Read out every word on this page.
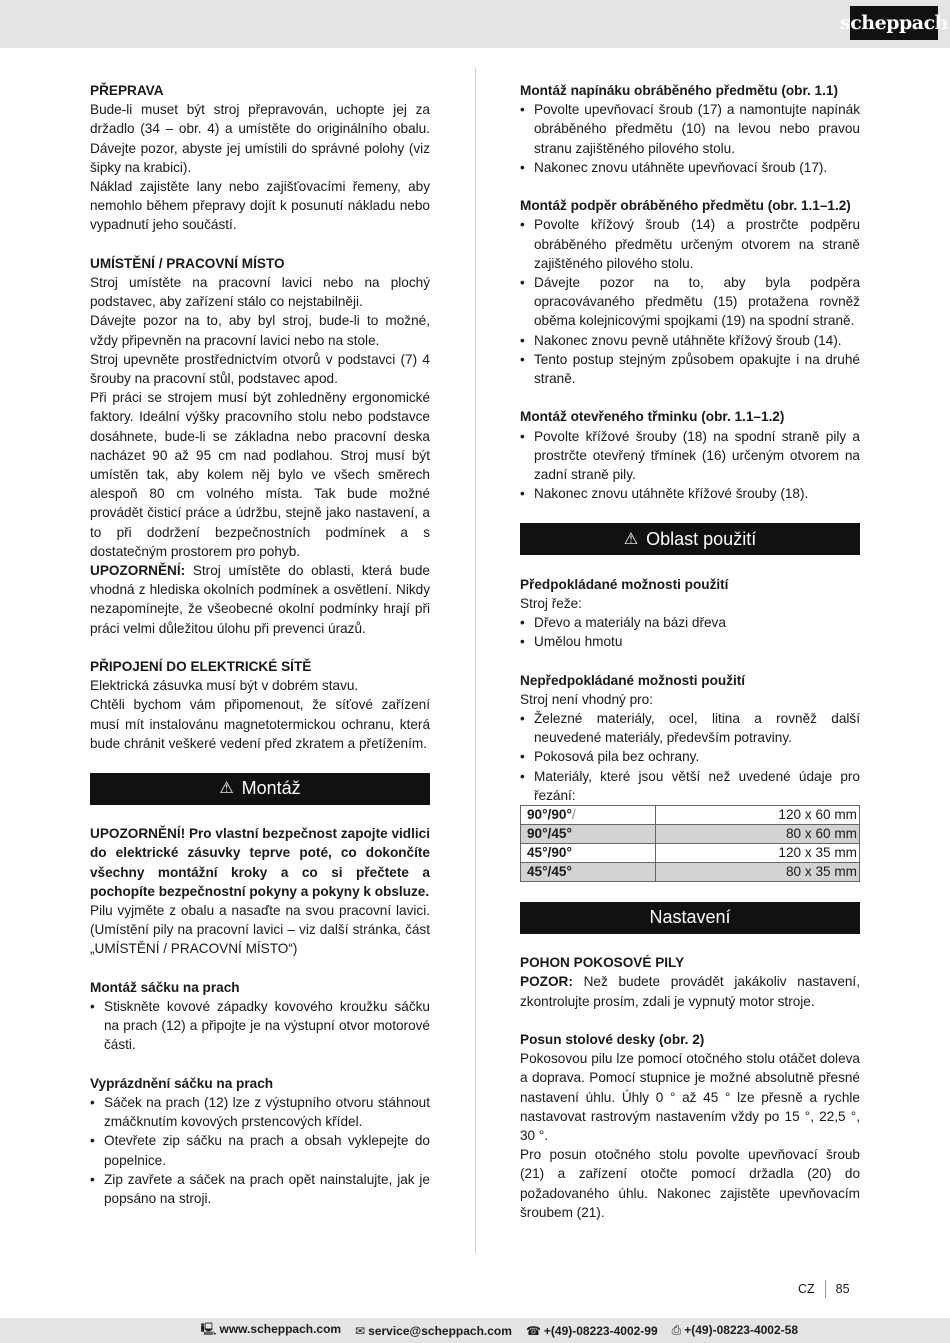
scheppach
PŘEPRAVA

Bude-li muset být stroj přepravován, uchopte jej za držadlo (34 – obr. 4) a umístěte do originálního obalu. Dávejte pozor, abyste jej umístili do správné polohy (viz šipky na krabici).

Náklad zajistěte lany nebo zajišťovacími řemeny, aby nemohlo během přepravy dojít k posunutí nákladu nebo vypadnutí jeho součástí.

UMÍSTĚNÍ / PRACOVNÍ MÍSTO

Stroj umístěte na pracovní lavici nebo na plochý podstavec, aby zařízení stálo co nejstabilněji.

Dávejte pozor na to, aby byl stroj, bude-li to možné, vždy připevněn na pracovní lavici nebo na stole.

Stroj upevněte prostřednictvím otvorů v podstavci (7) 4 šrouby na pracovní stůl, podstavec apod.

Při práci se strojem musí být zohledněny ergonomické faktory. Ideální výšky pracovního stolu nebo podstavce dosáhnete, bude-li se základna nebo pracovní deska nacházet 90 až 95 cm nad podlahou. Stroj musí být umístěn tak, aby kolem něj bylo ve všech směrech alespoň 80 cm volného místa. Tak bude možné provádět čisticí práce a údržbu, stejně jako nastavení, a to při dodržení bezpečnostních podmínek a s dostatečným prostorem pro pohyb.

UPOZORNĚNÍ: Stroj umístěte do oblasti, která bude vhodná z hlediska okolních podmínek a osvětlení. Nikdy nezapomínejte, že všeobecné okolní podmínky hrají při práci velmi důležitou úlohu při prevenci úrazů.

PŘIPOJENÍ DO ELEKTRICKÉ SÍTĚ

Elektrická zásuvka musí být v dobrém stavu.

Chtěli bychom vám připomenout, že síťové zařízení musí mít instalovánu magnetotermickou ochranu, která bude chránit veškeré vedení před zkratem a přetížením.

⚠ Montáž

UPOZORNĚNÍ! Pro vlastní bezpečnost zapojte vidlici do elektrické zásuvky teprve poté, co dokončíte všechny montážní kroky a co si přečtete a pochopíte bezpečnostní pokyny a pokyny k obsluze.

Pilu vyjměte z obalu a nasaďte na svou pracovní lavici. (Umístění pily na pracovní lavici – viz další stránka, část „UMÍSTĚNÍ / PRACOVNÍ MÍSTO“)

Montáž sáčku na prach
• Stiskněte kovové západky kovového kroužku sáčku na prach (12) a připojte je na výstupní otvor motorové části.
Vyprázdnění sáčku na prach
• Sáček na prach (12) lze z výstupního otvoru stáhnout zmáčknutím kovových prstencových křídel.
• Otevřete zip sáčku na prach a obsah vyklepejte do popelnice.
• Zip zavřete a sáček na prach opět nainstalujte, jak je popsáno na stroji.
Montáž napínáku obráběného předmětu (obr. 1.1)
• Povolte upevňovací šroub (17) a namontujte napínák obráběného předmětu (10) na levou nebo pravou stranu zajištěného pilového stolu.
• Nakonec znovu utáhněte upevňovací šroub (17).
Montáž podpěr obráběného předmětu (obr. 1.1–1.2)
• Povolte křížový šroub (14) a prostrčte podpěru obráběného předmětu určeným otvorem na straně zajištěného pilového stolu.
• Dávejte pozor na to, aby byla podpěra opracovávaného předmětu (15) protažena rovněž oběma kolejnicovými spojkami (19) na spodní straně.
• Nakonec znovu pevně utáhněte křížový šroub (14).
• Tento postup stejným způsobem opakujte i na druhé straně.
Montáž otevřeného třminku (obr. 1.1–1.2)
• Povolte křížové šrouby (18) na spodní straně pily a prostrčte otevřený třmínek (16) určeným otvorem na zadní straně pily.
• Nakonec znovu utáhněte křížové šrouby (18).
⚠ Oblast použití
Předpokládané možnosti použití

Stroj řeže:

• Dřevo a materiály na bázi dřeva
• Umělou hmotu
Nepředpokládané možnosti použití

Stroj není vhodný pro:

• Železné materiály, ocel, litina a rovněž další neuvedené materiály, především potraviny.
• Pokosová pila bez ochrany.
• Materiály, které jsou větší než uvedené údaje pro řezání:
90°/90°/	120 x 60 mm
90°/45°	80 x 60 mm
45°/90°	120 x 35 mm
45°/45°	80 x 35 mm
Nastavení
POHON POKOSOVÉ PILY

POZOR: Než budete provádět jakákoliv nastavení, zkontrolujte prosím, zdali je vypnutý motor stroje.

Posun stolové desky (obr. 2)

Pokosovou pilu lze pomocí otočného stolu otáčet doleva a doprava. Pomocí stupnice je možné absolutně přesné nastavení úhlu. Úhly 0 ° až 45 ° lze přesně a rychle nastavovat rastrovým nastavením vždy po 15 °, 22,5 °, 30 °.

Pro posun otočného stolu povolte upevňovací šroub (21) a zařízení otočte pomocí držadla (20) do požadovaného úhlu. Nakonec zajistěte upevňovacím šroubem (21).

CZ 85
🖳 www.scheppach.com ✉ service@scheppach.com ☎ +(49)-08223-4002-99 ⎙ +(49)-08223-4002-58
